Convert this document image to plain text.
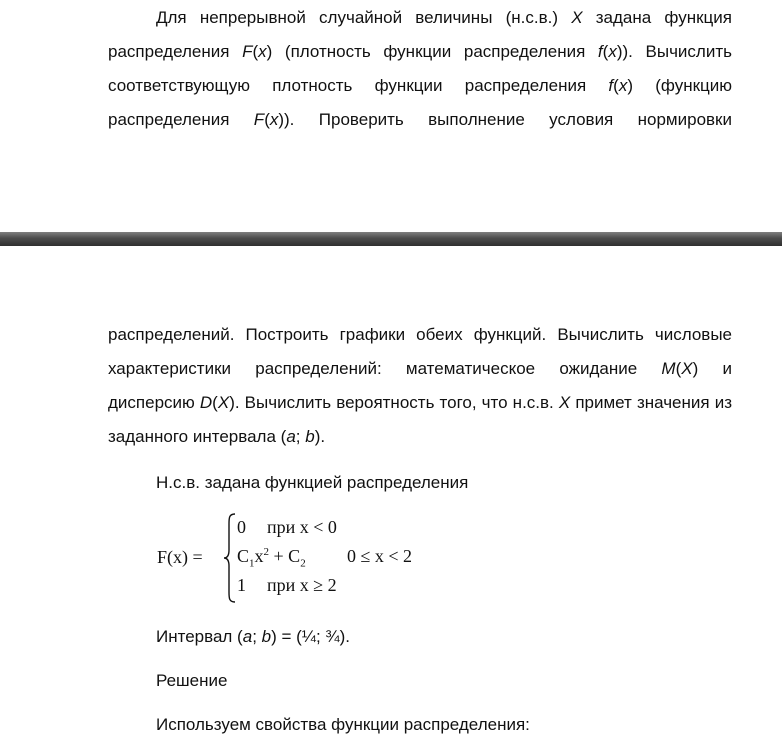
Для непрерывной случайной величины (н.с.в.) X задана функция

распределения F(x) (плотность функции распределения f(x)). Вычислить

соответствующую плотность функции распределения f(x) (функцию

распределения F(x)). Проверить выполнение условия нормировки

распределений. Построить графики обеих функций. Вычислить числовые

характеристики распределений: математическое ожидание M(X) и

дисперсию D(X). Вычислить вероятность того, что н.с.в. X примет значения из

заданного интервала (a; b).

Н.с.в. задана функцией распределения

F(x) =
0 при x < 0
$C_1x^2 + C_2$ 0 ≤ x < 2
1 при x ≥ 2

Интервал (a; b) = (¼; ¾).

Решение

Используем свойства функции распределения:
